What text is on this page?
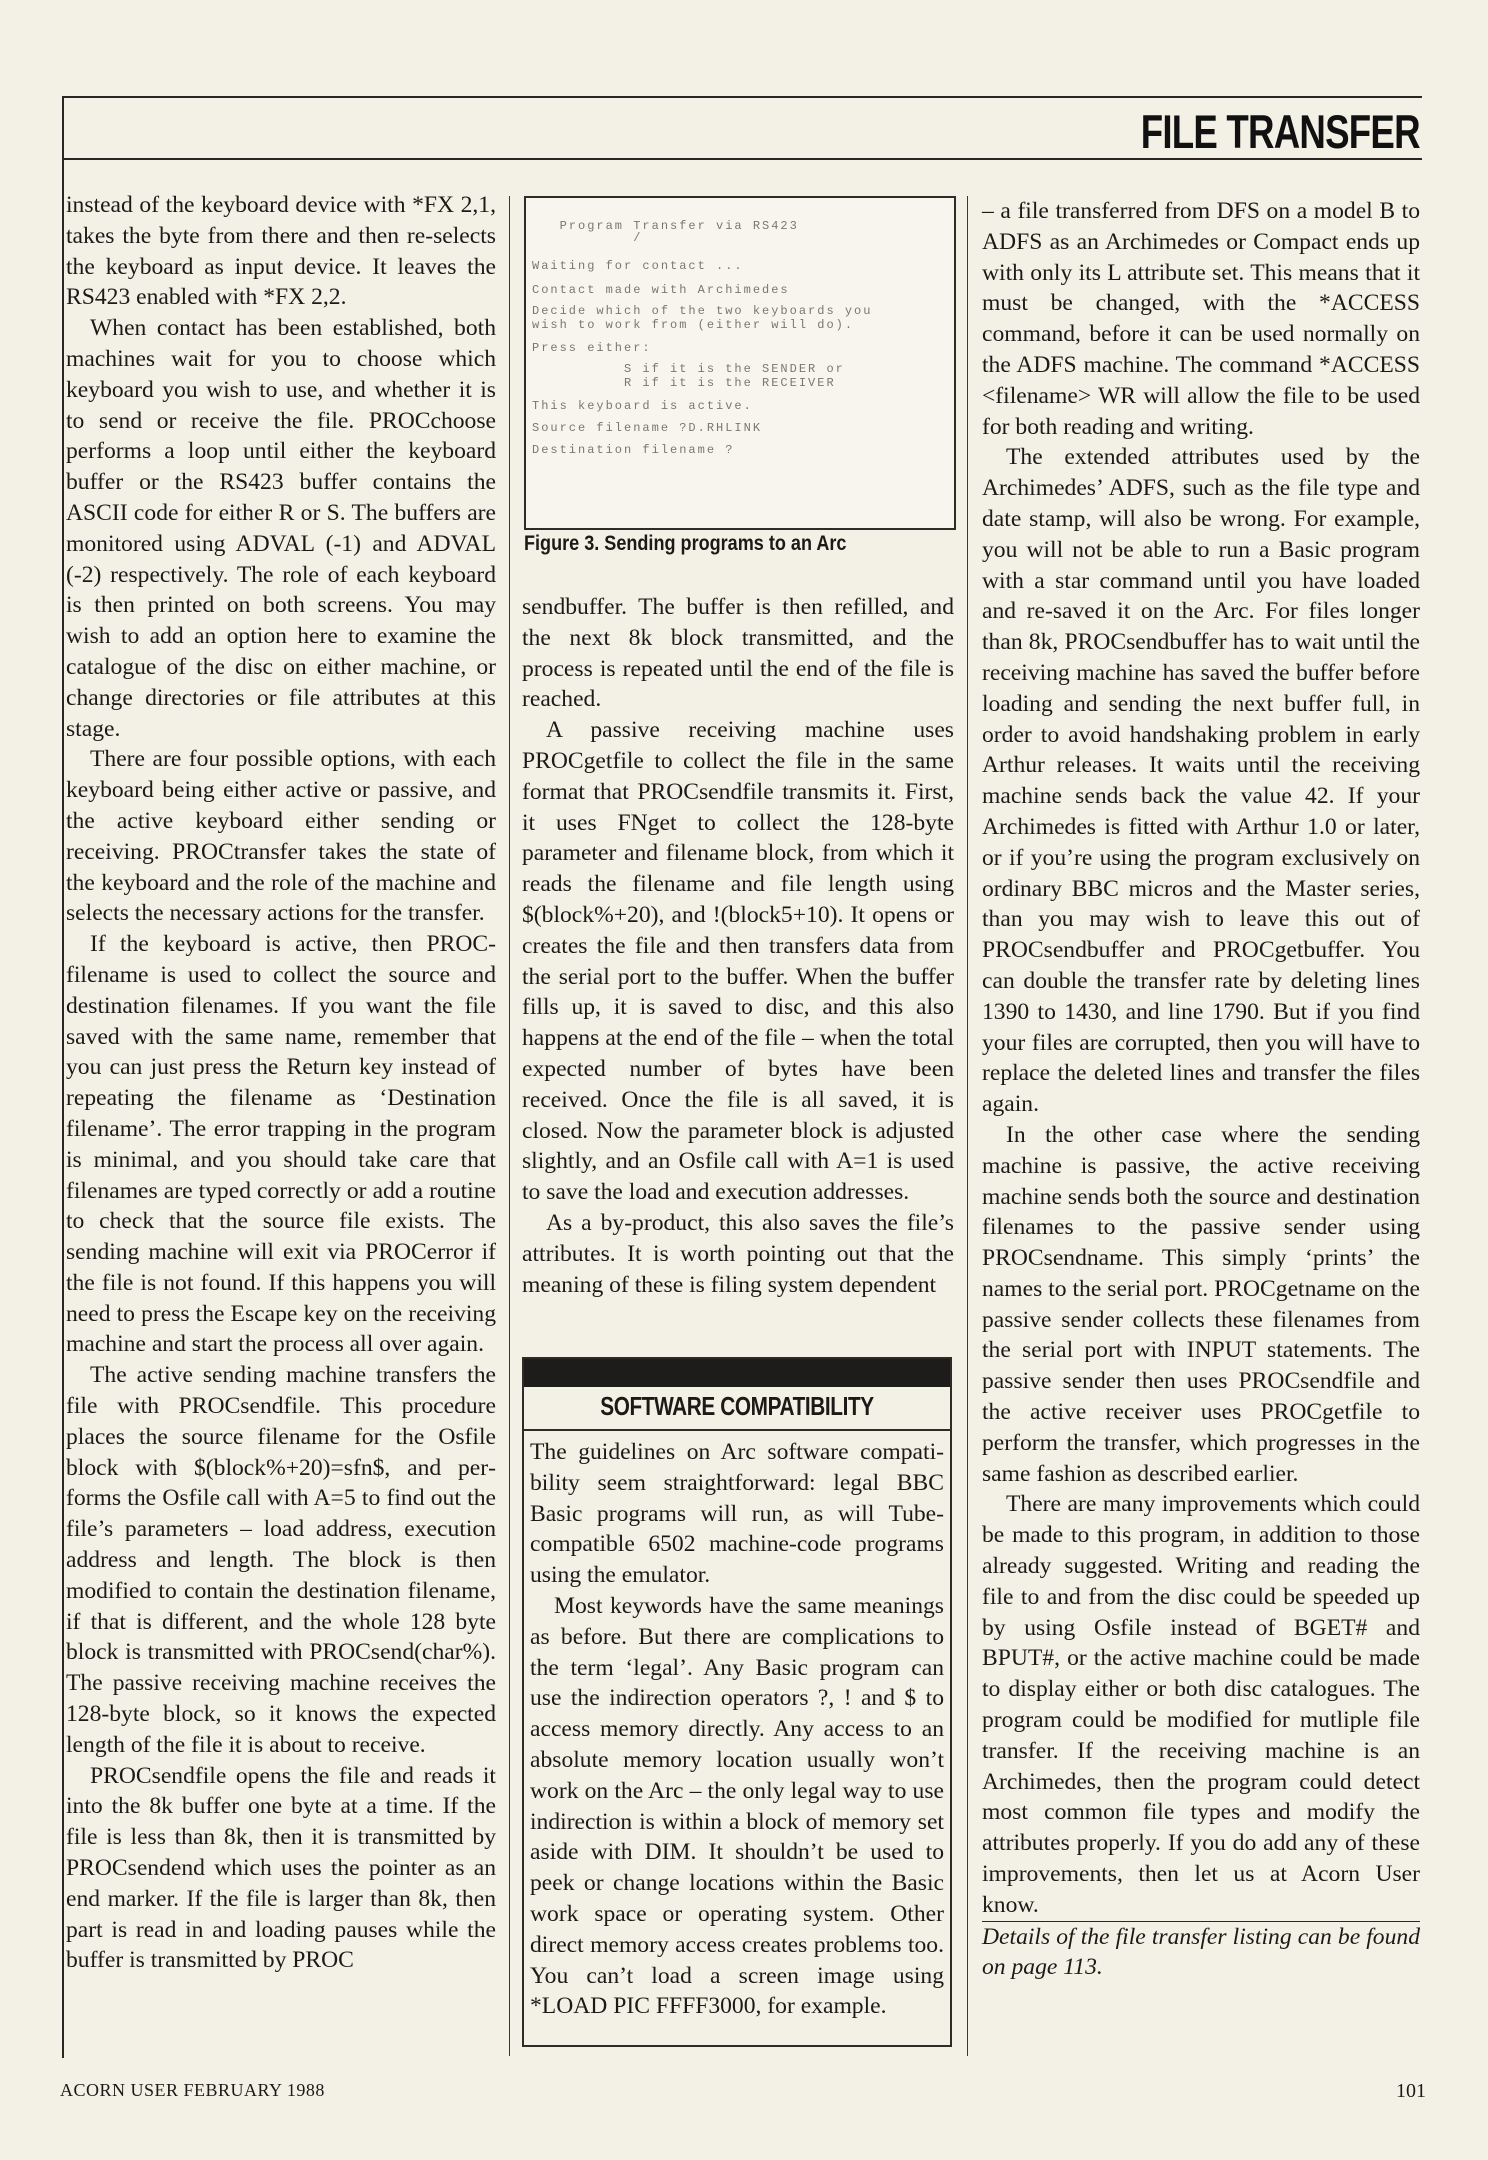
FILE TRANSFER

instead of the keyboard device with *FX 2,1, takes the byte from there and then re-selects the keyboard as input device. It leaves the RS423 enabled with *FX 2,2.

When contact has been established, both machines wait for you to choose which keyboard you wish to use, and whether it is to send or receive the file. PROCchoose performs a loop until either the keyboard buffer or the RS423 buffer contains the ASCII code for either R or S. The buffers are monitored using ADVAL (-1) and ADVAL (-2) respectively. The role of each keyboard is then printed on both screens. You may wish to add an option here to examine the catalogue of the disc on either machine, or change directories or file attributes at this stage.

There are four possible options, with each keyboard being either active or passive, and the active keyboard either sending or receiving. PROCtransfer takes the state of the keyboard and the role of the machine and selects the necessary actions for the transfer.

If the keyboard is active, then PROCfilename is used to collect the source and destination filenames. If you want the file saved with the same name, remember that you can just press the Return key instead of repeating the filename as ‘Destination filename’. The error trapping in the program is minimal, and you should take care that filenames are typed correctly or add a routine to check that the source file exists. The sending machine will exit via PROCerror if the file is not found. If this happens you will need to press the Escape key on the receiving machine and start the process all over again.

The active sending machine transfers the file with PROCsendfile. This procedure places the source filename for the Osfile block with $(block%+20)=sfn$, and performs the Osfile call with A=5 to find out the file’s parameters – load address, execution address and length. The block is then modified to contain the destination filename, if that is different, and the whole 128 byte block is transmitted with PROCsend(char%). The passive receiving machine receives the 128-byte block, so it knows the expected length of the file it is about to receive.

PROCsendfile opens the file and reads it into the 8k buffer one byte at a time. If the file is less than 8k, then it is transmitted by PROCsendend which uses the pointer as an end marker. If the file is larger than 8k, then part is read in and loading pauses while the buffer is transmitted by PROC

Program Transfer via RS423
/
Waiting for contact ...
Contact made with Archimedes
Decide which of the two keyboards you
wish to work from (either will do).
Press either:
S if it is the SENDER or
R if it is the RECEIVER
This keyboard is active.
Source filename ?D.RHLINK
Destination filename ?
Figure 3. Sending programs to an Arc

sendbuffer. The buffer is then refilled, and the next 8k block transmitted, and the process is repeated until the end of the file is reached.

A passive receiving machine uses PROCgetfile to collect the file in the same format that PROCsendfile transmits it. First, it uses FNget to collect the 128-byte parameter and filename block, from which it reads the filename and file length using $(block%+20), and !(block5+10). It opens or creates the file and then transfers data from the serial port to the buffer. When the buffer fills up, it is saved to disc, and this also happens at the end of the file – when the total expected number of bytes have been received. Once the file is all saved, it is closed. Now the parameter block is adjusted slightly, and an Osfile call with A=1 is used to save the load and execution addresses.

As a by-product, this also saves the file’s attributes. It is worth pointing out that the meaning of these is filing system dependent

SOFTWARE COMPATIBILITY

The guidelines on Arc software compatibility seem straightforward: legal BBC Basic programs will run, as will Tube-compatible 6502 machine-code programs using the emulator.

Most keywords have the same meanings as before. But there are complications to the term ‘legal’. Any Basic program can use the indirection operators ?, ! and $ to access memory directly. Any access to an absolute memory location usually won’t work on the Arc – the only legal way to use indirection is within a block of memory set aside with DIM. It shouldn’t be used to peek or change locations within the Basic work space or operating system. Other direct memory access creates problems too. You can’t load a screen image using *LOAD PIC FFFF3000, for example.

– a file transferred from DFS on a model B to ADFS as an Archimedes or Compact ends up with only its L attribute set. This means that it must be changed, with the *ACCESS command, before it can be used normally on the ADFS machine. The command *ACCESS <filename> WR will allow the file to be used for both reading and writing.

The extended attributes used by the Archimedes’ ADFS, such as the file type and date stamp, will also be wrong. For example, you will not be able to run a Basic program with a star command until you have loaded and re-saved it on the Arc. For files longer than 8k, PROCsendbuffer has to wait until the receiving machine has saved the buffer before loading and sending the next buffer full, in order to avoid handshaking problem in early Arthur releases. It waits until the receiving machine sends back the value 42. If your Archimedes is fitted with Arthur 1.0 or later, or if you’re using the program exclusively on ordinary BBC micros and the Master series, than you may wish to leave this out of PROCsendbuffer and PROCgetbuffer. You can double the transfer rate by deleting lines 1390 to 1430, and line 1790. But if you find your files are corrupted, then you will have to replace the deleted lines and transfer the files again.

In the other case where the sending machine is passive, the active receiving machine sends both the source and destination filenames to the passive sender using PROCsendname. This simply ‘prints’ the names to the serial port. PROCgetname on the passive sender collects these filenames from the serial port with INPUT statements. The passive sender then uses PROCsendfile and the active receiver uses PROCgetfile to perform the transfer, which progresses in the same fashion as described earlier.

There are many improvements which could be made to this program, in addition to those already suggested. Writing and reading the file to and from the disc could be speeded up by using Osfile instead of BGET# and BPUT#, or the active machine could be made to display either or both disc catalogues. The program could be modified for mutliple file transfer. If the receiving machine is an Archimedes, then the program could detect most common file types and modify the attributes properly. If you do add any of these improvements, then let us at Acorn User know.

Details of the file transfer listing can be found on page 113.

ACORN USER FEBRUARY 1988	101
